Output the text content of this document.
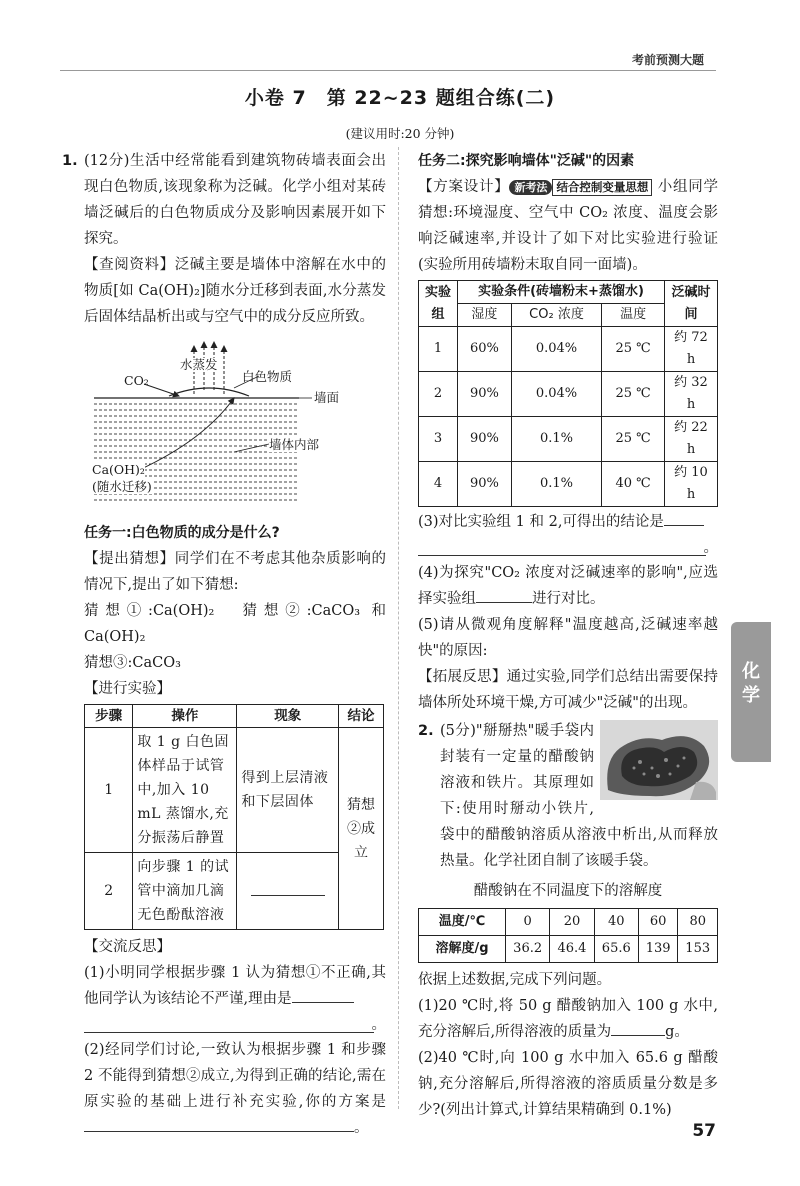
考前预测大题
小卷 7　第 22~23 题组合练(二)
(建议用时:20 分钟)

1. (12分)生活中经常能看到建筑物砖墙表面会出现白色物质,该现象称为泛碱。化学小组对某砖墙泛碱后的白色物质成分及影响因素展开如下探究。

【查阅资料】泛碱主要是墙体中溶解在水中的物质[如 Ca(OH)₂]随水分迁移到表面,水分蒸发后固体结晶析出或与空气中的成分反应所致。

水蒸发
白色物质
CO₂
墙面
Ca(OH)₂
(随水迁移)
墙体内部

任务一:白色物质的成分是什么?

【提出猜想】同学们在不考虑其他杂质影响的情况下,提出了如下猜想:

猜想①:Ca(OH)₂　猜想②:CaCO₃ 和 Ca(OH)₂

猜想③:CaCO₃

【进行实验】

步骤	操作	现象	结论
1	取 1 g 白色固体样品于试管中,加入 10 mL 蒸馏水,充分振荡后静置	得到上层清液和下层固体	猜想②成立
2	向步骤 1 的试管中滴加几滴无色酚酞溶液		

【交流反思】

(1)小明同学根据步骤 1 认为猜想①不正确,其他同学认为该结论不严谨,理由是

。

(2)经同学们讨论,一致认为根据步骤 1 和步骤 2 不能得到猜想②成立,为得到正确的结论,需在原实验的基础上进行补充实验,你的方案是。

任务二:探究影响墙体"泛碱"的因素

【方案设计】 新考法 结合控制变量思想 小组同学猜想:环境湿度、空气中 CO₂ 浓度、温度会影响泛碱速率,并设计了如下对比实验进行验证(实验所用砖墙粉末取自同一面墙)。

实验组	实验条件(砖墙粉末+蒸馏水)			泛碱时间
	湿度	CO₂ 浓度	温度	
1	60%	0.04%	25 ℃	约 72 h
2	90%	0.04%	25 ℃	约 32 h
3	90%	0.1%	25 ℃	约 22 h
4	90%	0.1%	40 ℃	约 10 h

(3)对比实验组 1 和 2,可得出的结论是

。

(4)为探究"CO₂ 浓度对泛碱速率的影响",应选择实验组	进行对比。

(5)请从微观角度解释"温度越高,泛碱速率越快"的原因:

【拓展反思】通过实验,同学们总结出需要保持墙体所处环境干燥,方可减少"泛碱"的出现。

2. (5分)"掰掰热"暖手袋内封装有一定量的醋酸钠溶液和铁片。其原理如下:使用时掰动小铁片,袋中的醋酸钠溶质从溶液中析出,从而释放热量。化学社团自制了该暖手袋。

醋酸钠在不同温度下的溶解度

温度/℃	0	20	40	60	80
溶解度/g	36.2	46.4	65.6	139	153

依据上述数据,完成下列问题。

(1)20 ℃时,将 50 g 醋酸钠加入 100 g 水中,充分溶解后,所得溶液的质量为	g。

(2)40 ℃时,向 100 g 水中加入 65.6 g 醋酸钠,充分溶解后,所得溶液的溶质质量分数是多少?(列出计算式,计算结果精确到 0.1%)

化
学
57
